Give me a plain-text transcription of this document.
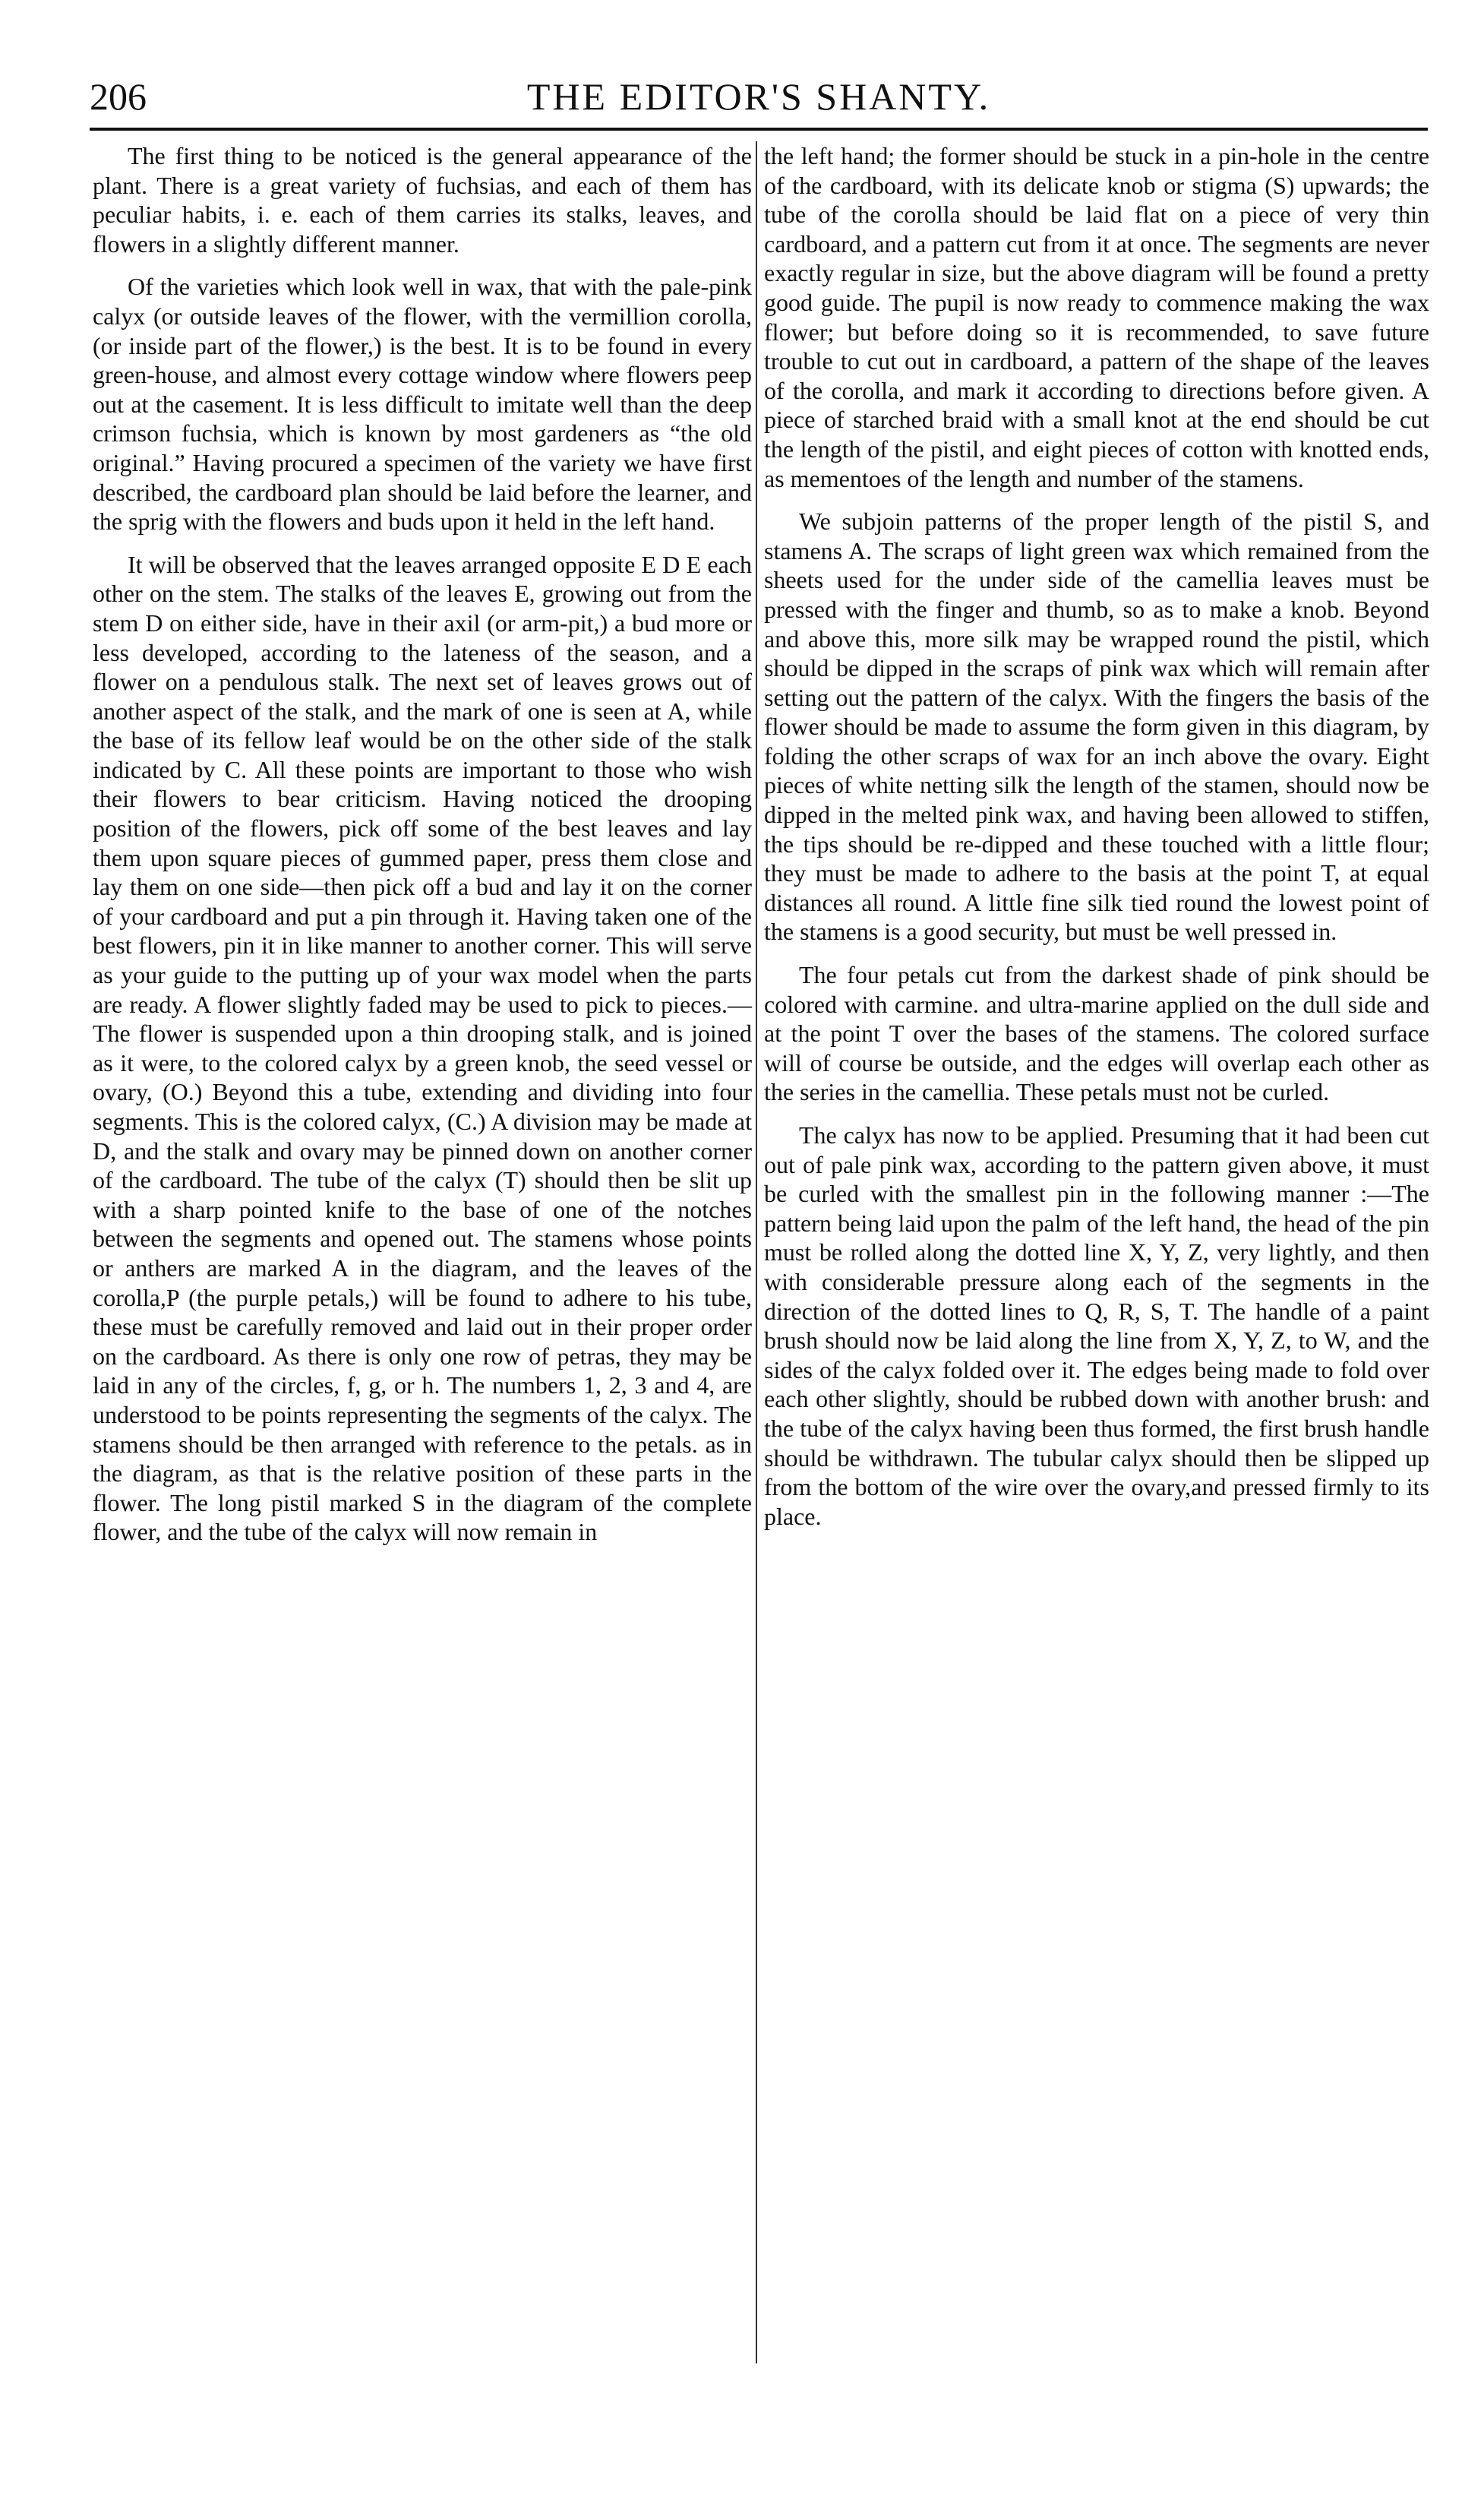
206	THE EDITOR'S SHANTY.

The first thing to be noticed is the general appearance of the plant. There is a great variety of fuchsias, and each of them has peculiar habits, i. e. each of them carries its stalks, leaves, and flowers in a slightly different manner.

Of the varieties which look well in wax, that with the pale-pink calyx (or outside leaves of the flower, with the vermillion corolla, (or inside part of the flower,) is the best. It is to be found in every green-house, and almost every cottage window where flowers peep out at the casement. It is less difficult to imitate well than the deep crimson fuchsia, which is known by most gardeners as “the old original.” Having procured a specimen of the variety we have first described, the cardboard plan should be laid before the learner, and the sprig with the flowers and buds upon it held in the left hand.

It will be observed that the leaves arranged opposite E D E each other on the stem. The stalks of the leaves E, growing out from the stem D on either side, have in their axil (or arm-pit,) a bud more or less developed, according to the lateness of the season, and a flower on a pendulous stalk. The next set of leaves grows out of another aspect of the stalk, and the mark of one is seen at A, while the base of its fellow leaf would be on the other side of the stalk indicated by C. All these points are important to those who wish their flowers to bear criticism. Having noticed the drooping position of the flowers, pick off some of the best leaves and lay them upon square pieces of gummed paper, press them close and lay them on one side—then pick off a bud and lay it on the corner of your cardboard and put a pin through it. Having taken one of the best flowers, pin it in like manner to another corner. This will serve as your guide to the putting up of your wax model when the parts are ready. A flower slightly faded may be used to pick to pieces.—The flower is suspended upon a thin drooping stalk, and is joined as it were, to the colored calyx by a green knob, the seed vessel or ovary, (O.) Beyond this a tube, extending and dividing into four segments. This is the colored calyx, (C.) A division may be made at D, and the stalk and ovary may be pinned down on another corner of the cardboard. The tube of the calyx (T) should then be slit up with a sharp pointed knife to the base of one of the notches between the segments and opened out. The stamens whose points or anthers are marked A in the diagram, and the leaves of the corolla,P (the purple petals,) will be found to adhere to his tube, these must be carefully removed and laid out in their proper order on the cardboard. As there is only one row of petras, they may be laid in any of the circles, f, g, or h. The numbers 1, 2, 3 and 4, are understood to be points representing the segments of the calyx. The stamens should be then arranged with reference to the petals. as in the diagram, as that is the relative position of these parts in the flower. The long pistil marked S in the diagram of the complete flower, and the tube of the calyx will now remain in

the left hand; the former should be stuck in a pin-hole in the centre of the cardboard, with its delicate knob or stigma (S) upwards; the tube of the corolla should be laid flat on a piece of very thin cardboard, and a pattern cut from it at once. The segments are never exactly regular in size, but the above diagram will be found a pretty good guide. The pupil is now ready to commence making the wax flower; but before doing so it is recommended, to save future trouble to cut out in cardboard, a pattern of the shape of the leaves of the corolla, and mark it according to directions before given. A piece of starched braid with a small knot at the end should be cut the length of the pistil, and eight pieces of cotton with knotted ends, as mementoes of the length and number of the stamens.

We subjoin patterns of the proper length of the pistil S, and stamens A. The scraps of light green wax which remained from the sheets used for the under side of the camellia leaves must be pressed with the finger and thumb, so as to make a knob. Beyond and above this, more silk may be wrapped round the pistil, which should be dipped in the scraps of pink wax which will remain after setting out the pattern of the calyx. With the fingers the basis of the flower should be made to assume the form given in this diagram, by folding the other scraps of wax for an inch above the ovary. Eight pieces of white netting silk the length of the stamen, should now be dipped in the melted pink wax, and having been allowed to stiffen, the tips should be re-dipped and these touched with a little flour; they must be made to adhere to the basis at the point T, at equal distances all round. A little fine silk tied round the lowest point of the stamens is a good security, but must be well pressed in.

The four petals cut from the darkest shade of pink should be colored with carmine. and ultra-marine applied on the dull side and at the point T over the bases of the stamens. The colored surface will of course be outside, and the edges will overlap each other as the series in the camellia. These petals must not be curled.

The calyx has now to be applied. Presuming that it had been cut out of pale pink wax, according to the pattern given above, it must be curled with the smallest pin in the following manner :—The pattern being laid upon the palm of the left hand, the head of the pin must be rolled along the dotted line X, Y, Z, very lightly, and then with considerable pressure along each of the segments in the direction of the dotted lines to Q, R, S, T. The handle of a paint brush should now be laid along the line from X, Y, Z, to W, and the sides of the calyx folded over it. The edges being made to fold over each other slightly, should be rubbed down with another brush: and the tube of the calyx having been thus formed, the first brush handle should be withdrawn. The tubular calyx should then be slipped up from the bottom of the wire over the ovary,and pressed firmly to its place.
